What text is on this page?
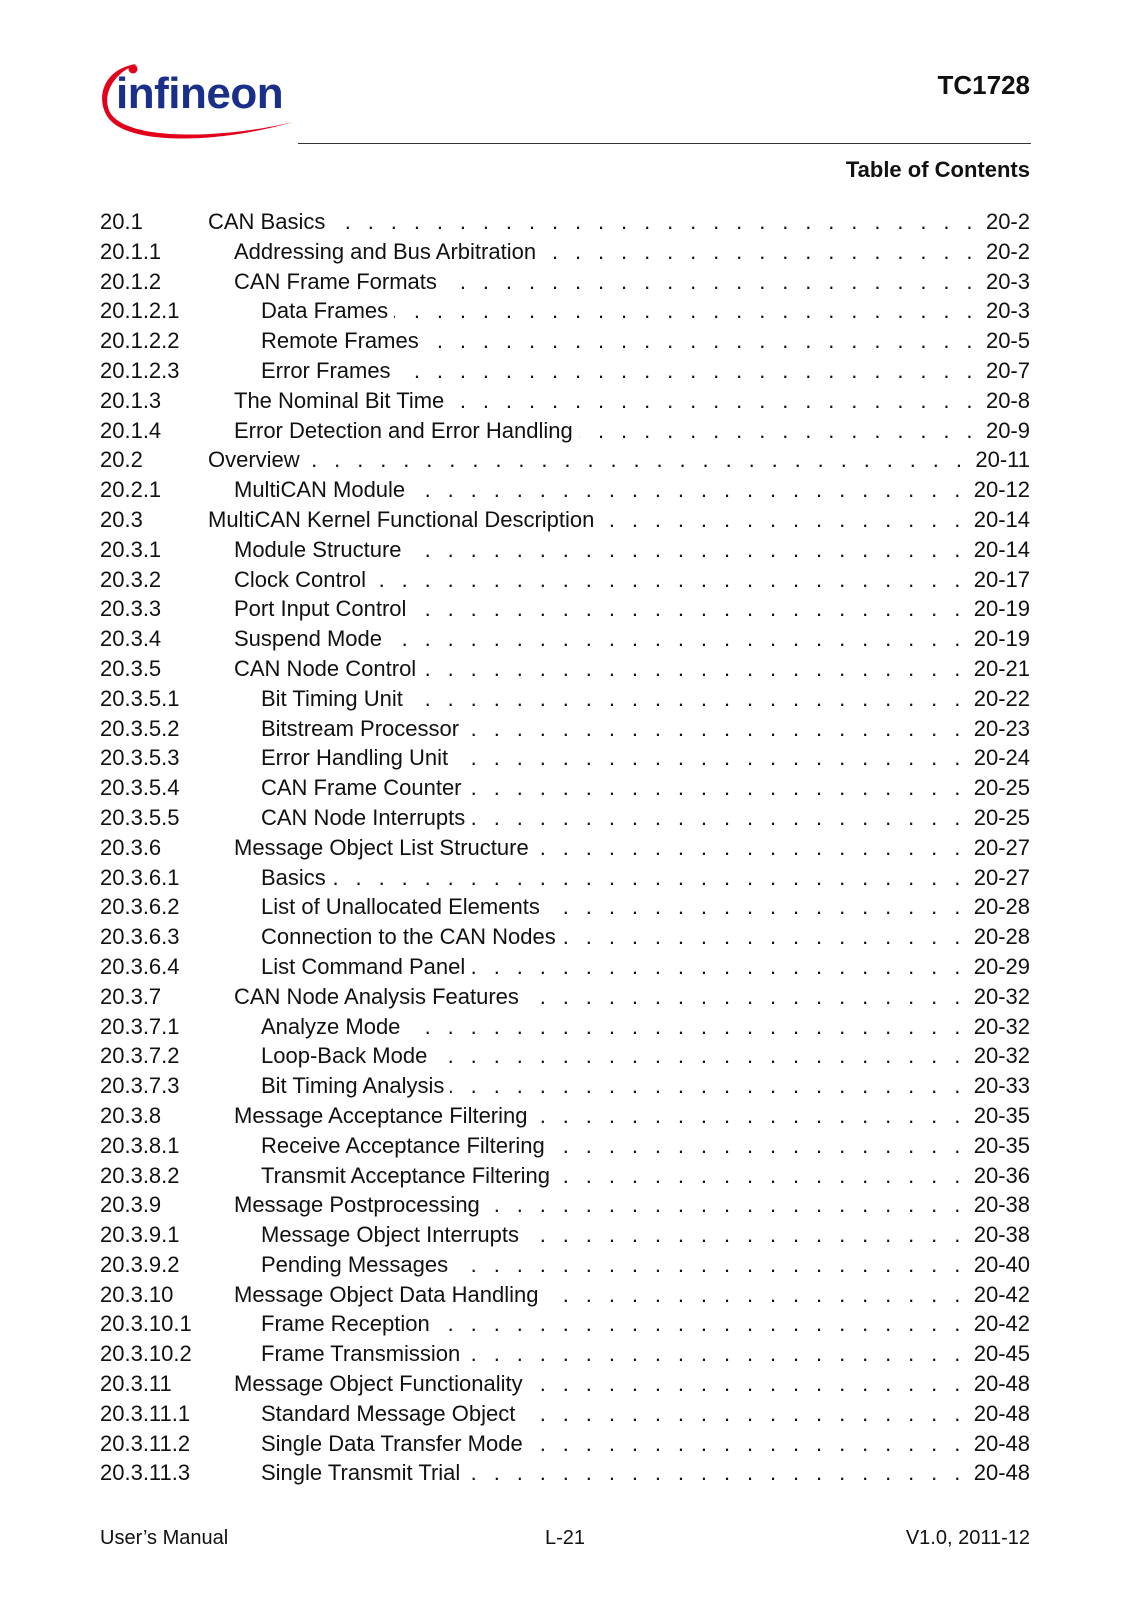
infineon	TC1728
Table of Contents
20.1	CAN Basics . . .	20-2
20.1.1	Addressing and Bus Arbitration . . .	20-2
20.1.2	CAN Frame Formats . . .	20-3
20.1.2.1	Data Frames . . .	20-3
20.1.2.2	Remote Frames . . .	20-5
20.1.2.3	Error Frames . . .	20-7
20.1.3	The Nominal Bit Time . . .	20-8
20.1.4	Error Detection and Error Handling . . .	20-9
20.2	Overview . . .	20-11
20.2.1	MultiCAN Module . . .	20-12
20.3	MultiCAN Kernel Functional Description . . .	20-14
20.3.1	Module Structure . . .	20-14
20.3.2	Clock Control . . .	20-17
20.3.3	Port Input Control . . .	20-19
20.3.4	Suspend Mode . . .	20-19
20.3.5	CAN Node Control . . .	20-21
20.3.5.1	Bit Timing Unit . . .	20-22
20.3.5.2	Bitstream Processor . . .	20-23
20.3.5.3	Error Handling Unit . . .	20-24
20.3.5.4	CAN Frame Counter . . .	20-25
20.3.5.5	CAN Node Interrupts . . .	20-25
20.3.6	Message Object List Structure . . .	20-27
20.3.6.1	Basics . . .	20-27
20.3.6.2	List of Unallocated Elements . . .	20-28
20.3.6.3	Connection to the CAN Nodes . . .	20-28
20.3.6.4	List Command Panel . . .	20-29
20.3.7	CAN Node Analysis Features . . .	20-32
20.3.7.1	Analyze Mode . . .	20-32
20.3.7.2	Loop-Back Mode . . .	20-32
20.3.7.3	Bit Timing Analysis . . .	20-33
20.3.8	Message Acceptance Filtering . . .	20-35
20.3.8.1	Receive Acceptance Filtering . . .	20-35
20.3.8.2	Transmit Acceptance Filtering . . .	20-36
20.3.9	Message Postprocessing . . .	20-38
20.3.9.1	Message Object Interrupts . . .	20-38
20.3.9.2	Pending Messages . . .	20-40
20.3.10	Message Object Data Handling . . .	20-42
20.3.10.1	Frame Reception . . .	20-42
20.3.10.2	Frame Transmission . . .	20-45
20.3.11	Message Object Functionality . . .	20-48
20.3.11.1	Standard Message Object . . .	20-48
20.3.11.2	Single Data Transfer Mode . . .	20-48
20.3.11.3	Single Transmit Trial . . .	20-48
User’s Manual	L-21	V1.0, 2011-12
